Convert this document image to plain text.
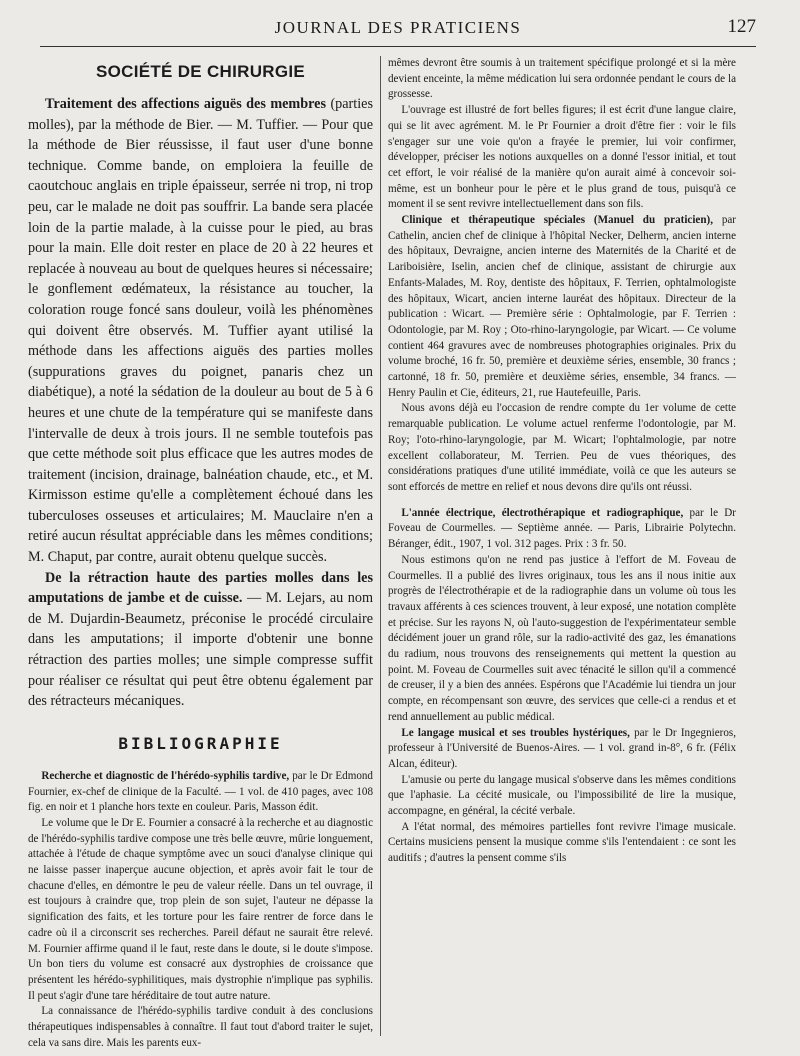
JOURNAL DES PRATICIENS	127
SOCIÉTÉ DE CHIRURGIE

Traitement des affections aiguës des membres (parties molles), par la méthode de Bier. — M. Tuffier. — Pour que la méthode de Bier réussisse, il faut user d'une bonne technique. Comme bande, on emploiera la feuille de caoutchouc anglais en triple épaisseur, serrée ni trop, ni trop peu, car le malade ne doit pas souffrir. La bande sera placée loin de la partie malade, à la cuisse pour le pied, au bras pour la main. Elle doit rester en place de 20 à 22 heures et replacée à nouveau au bout de quelques heures si nécessaire; le gonflement œdémateux, la résistance au toucher, la coloration rouge foncé sans douleur, voilà les phénomènes qui doivent être observés. M. Tuffier ayant utilisé la méthode dans les affections aiguës des parties molles (suppurations graves du poignet, panaris chez un diabétique), a noté la sédation de la douleur au bout de 5 à 6 heures et une chute de la température qui se manifeste dans l'intervalle de deux à trois jours. Il ne semble toutefois pas que cette méthode soit plus efficace que les autres modes de traitement (incision, drainage, balnéation chaude, etc., et M. Kirmisson estime qu'elle a complètement échoué dans les tuberculoses osseuses et articulaires; M. Mauclaire n'en a retiré aucun résultat appréciable dans les mêmes conditions; M. Chaput, par contre, aurait obtenu quelque succès.

De la rétraction haute des parties molles dans les amputations de jambe et de cuisse. — M. Lejars, au nom de M. Dujardin-Beaumetz, préconise le procédé circulaire dans les amputations; il importe d'obtenir une bonne rétraction des parties molles; une simple compresse suffit pour réaliser ce résultat qui peut être obtenu également par des rétracteurs mécaniques.

BIBLIOGRAPHIE

Recherche et diagnostic de l'hérédo-syphilis tardive, par le Dr Edmond Fournier, ex-chef de clinique de la Faculté. — 1 vol. de 410 pages, avec 108 fig. en noir et 1 planche hors texte en couleur. Paris, Masson édit.

Le volume que le Dr E. Fournier a consacré à la recherche et au diagnostic de l'hérédo-syphilis tardive compose une très belle œuvre, mûrie longuement, attachée à l'étude de chaque symptôme avec un souci d'analyse clinique qui ne laisse passer inaperçue aucune objection, et après avoir fait le tour de chacune d'elles, en démontre le peu de valeur réelle. Dans un tel ouvrage, il est toujours à craindre que, trop plein de son sujet, l'auteur ne dépasse la signification des faits, et les torture pour les faire rentrer de force dans le cadre où il a circonscrit ses recherches. Pareil défaut ne saurait être relevé. M. Fournier affirme quand il le faut, reste dans le doute, si le doute s'impose. Un bon tiers du volume est consacré aux dystrophies de croissance que présentent les hérédo-syphilitiques, mais dystrophie n'implique pas syphilis. Il peut s'agir d'une tare héréditaire de tout autre nature.

La connaissance de l'hérédo-syphilis tardive conduit à des conclusions thérapeutiques indispensables à connaître. Il faut tout d'abord traiter le sujet, cela va sans dire. Mais les parents eux-

mêmes devront être soumis à un traitement spécifique prolongé et si la mère devient enceinte, la même médication lui sera ordonnée pendant le cours de la grossesse.

L'ouvrage est illustré de fort belles figures; il est écrit d'une langue claire, qui se lit avec agrément. M. le Pr Fournier a droit d'être fier : voir le fils s'engager sur une voie qu'on a frayée le premier, lui voir confirmer, développer, préciser les notions auxquelles on a donné l'essor initial, et tout cet effort, le voir réalisé de la manière qu'on aurait aimé à concevoir soi-même, est un bonheur pour le père et le plus grand de tous, puisqu'à ce moment il se sent revivre intellectuellement dans son fils.

Clinique et thérapeutique spéciales (Manuel du praticien), par Cathelin, ancien chef de clinique à l'hôpital Necker, Delherm, ancien interne des hôpitaux, Devraigne, ancien interne des Maternités de la Charité et de Lariboisière, Iselin, ancien chef de clinique, assistant de chirurgie aux Enfants-Malades, M. Roy, dentiste des hôpitaux, F. Terrien, ophtalmologiste des hôpitaux, Wicart, ancien interne lauréat des hôpitaux. Directeur de la publication : Wicart. — Première série : Ophtalmologie, par F. Terrien : Odontologie, par M. Roy ; Oto-rhino-laryngologie, par Wicart. — Ce volume contient 464 gravures avec de nombreuses photographies originales. Prix du volume broché, 16 fr. 50, première et deuxième séries, ensemble, 30 francs ; cartonné, 18 fr. 50, première et deuxième séries, ensemble, 34 francs. — Henry Paulin et Cie, éditeurs, 21, rue Hautefeuille, Paris.

Nous avons déjà eu l'occasion de rendre compte du 1er volume de cette remarquable publication. Le volume actuel renferme l'odontologie, par M. Roy; l'oto-rhino-laryngologie, par M. Wicart; l'ophtalmologie, par notre excellent collaborateur, M. Terrien. Peu de vues théoriques, des considérations pratiques d'une utilité immédiate, voilà ce que les auteurs se sont efforcés de mettre en relief et nous devons dire qu'ils ont réussi.

L'année électrique, électrothérapique et radiographique, par le Dr Foveau de Courmelles. — Septième année. — Paris, Librairie Polytechn. Béranger, édit., 1907, 1 vol. 312 pages. Prix : 3 fr. 50.

Nous estimons qu'on ne rend pas justice à l'effort de M. Foveau de Courmelles. Il a publié des livres originaux, tous les ans il nous initie aux progrès de l'électrothérapie et de la radiographie dans un volume où tous les travaux afférents à ces sciences trouvent, à leur exposé, une notation complète et précise. Sur les rayons N, où l'auto-suggestion de l'expérimentateur semble décidément jouer un grand rôle, sur la radio-activité des gaz, les émanations du radium, nous trouvons des renseignements qui mettent la question au point. M. Foveau de Courmelles suit avec ténacité le sillon qu'il a commencé de creuser, il y a bien des années. Espérons que l'Académie lui tiendra un jour compte, en récompensant son œuvre, des services que celle-ci a rendus et et rend annuellement au public médical.

Le langage musical et ses troubles hystériques, par le Dr Ingegnieros, professeur à l'Université de Buenos-Aires. — 1 vol. grand in-8°, 6 fr. (Félix Alcan, éditeur).

L'amusie ou perte du langage musical s'observe dans les mêmes conditions que l'aphasie. La cécité musicale, ou l'impossibilité de lire la musique, accompagne, en général, la cécité verbale.

A l'état normal, des mémoires partielles font revivre l'image musicale. Certains musiciens pensent la musique comme s'ils l'entendaient : ce sont les auditifs ; d'autres la pensent comme s'ils
